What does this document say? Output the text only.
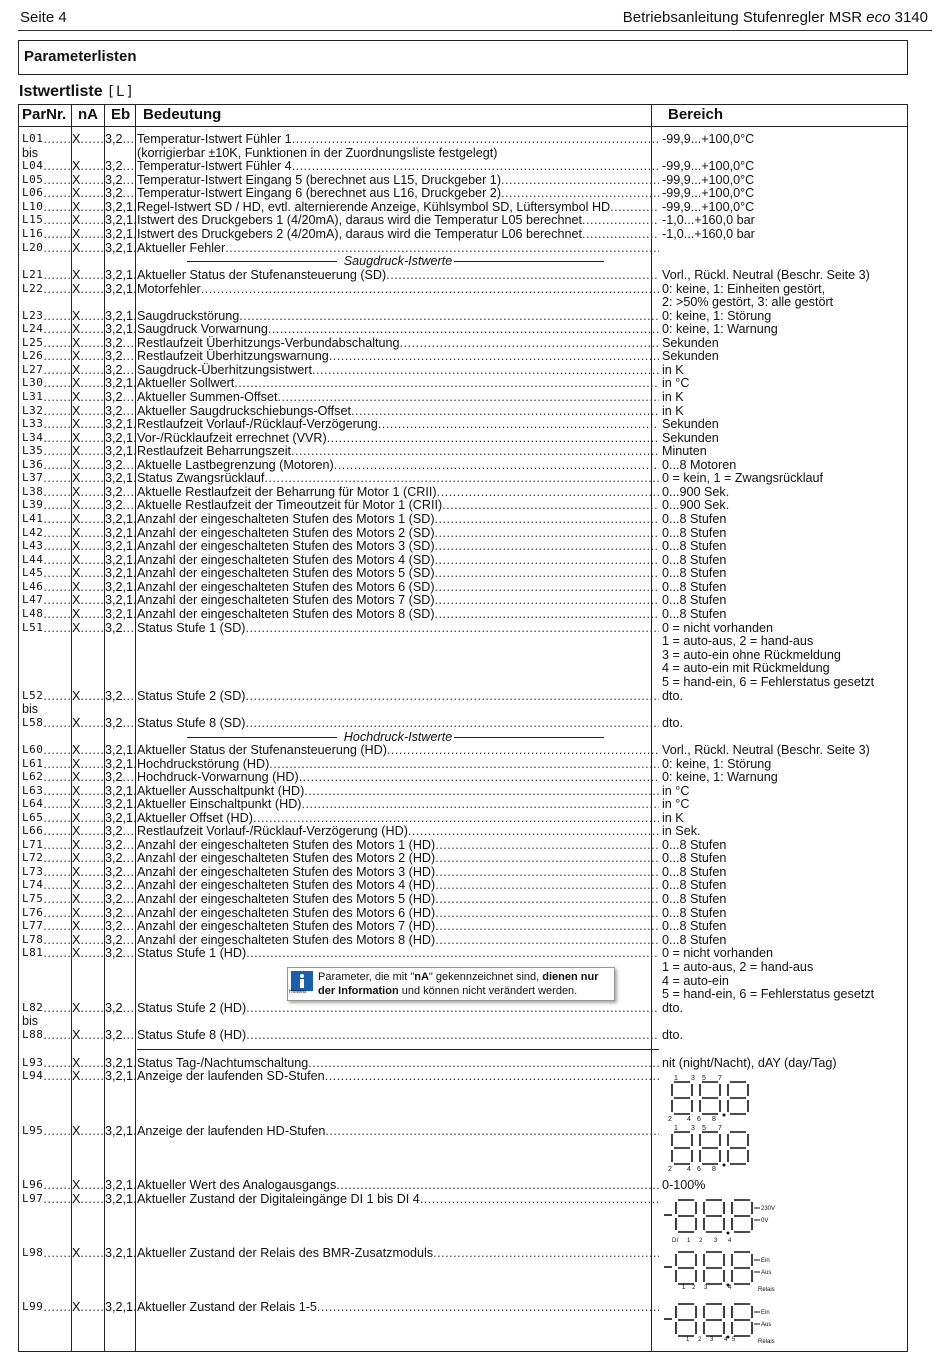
Seite 4	Betriebsanleitung Stufenregler MSR eco 3140
Parameterlisten
Istwertliste [L]
ParNr. nA Eb Bedeutung	Bereich
Saugdruck-Istwerte
Hochdruck-Istwerte
L01 ..... X ..... 3,2 ..... Temperatur-Istwert Fühler 1 .....	-99,9...+100,0°C
bis	(korrigierbar ±10K, Funktionen in der Zuordnungsliste festgelegt)
L04 ..... X ..... 3,2 ..... Temperatur-Istwert Fühler 4 .....	-99,9...+100,0°C
L05 ..... X ..... 3,2 ..... Temperatur-Istwert Eingang 5 (berechnet aus L15, Druckgeber 1) .....	-99,9...+100,0°C
L06 ..... X ..... 3,2 ..... Temperatur-Istwert Eingang 6 (berechnet aus L16, Druckgeber 2) .....	-99,9...+100,0°C
L10 ..... X ..... 3,2,1 ..... Regel-Istwert SD / HD, evtl. alternierende Anzeige, Kühlsymbol SD, Lüftersymbol HD .....	-99,9...+100,0°C
L15 ..... X ..... 3,2,1 ..... Istwert des Druckgebers 1 (4/20mA), daraus wird die Temperatur L05 berechnet .....	-1,0...+160,0 bar
L16 ..... X ..... 3,2,1 ..... Istwert des Druckgebers 2 (4/20mA), daraus wird die Temperatur L06 berechnet .....	-1,0...+160,0 bar
L20 ..... X ..... 3,2,1 ..... Aktueller Fehler
.....
L21 ..... X ..... 3,2,1 ..... Aktueller Status der Stufenansteuerung (SD) .....	Vorl., Rückl. Neutral (Beschr. Seite 3)
L22 ..... X ..... 3,2,1 ..... Motorfehler .....	0: keine, 1: Einheiten gestört,
2: >50% gestört, 3: alle gestört
L23 ..... X ..... 3,2,1 ..... Saugdruckstörung .....	0: keine, 1: Störung
L24 ..... X ..... 3,2,1 ..... Saugdruck Vorwarnung .....	0: keine, 1: Warnung
L25 ..... X ..... 3,2 ..... Restlaufzeit Überhitzungs-Verbundabschaltung .....	Sekunden
L26 ..... X ..... 3,2 ..... Restlaufzeit Überhitzungswarnung .....	Sekunden
L27 ..... X ..... 3,2 ..... Saugdruck-Überhitzungsistwert .....	in K
L30 ..... X ..... 3,2,1 ..... Aktueller Sollwert .....	in °C
L31 ..... X ..... 3,2 ..... Aktueller Summen-Offset .....	in K
L32 ..... X ..... 3,2 ..... Aktueller Saugdruckschiebungs-Offset .....	in K
L33 ..... X ..... 3,2,1 ..... Restlaufzeit Vorlauf-/Rücklauf-Verzögerung .....	Sekunden
L34 ..... X ..... 3,2,1 ..... Vor-/Rücklaufzeit errechnet (VVR) .....	Sekunden
L35 ..... X ..... 3,2,1 ..... Restlaufzeit Beharrungszeit .....	Minuten
L36 ..... X ..... 3,2 ..... Aktuelle Lastbegrenzung (Motoren) .....	0...8 Motoren
L37 ..... X ..... 3,2,1 ..... Status Zwangsrücklauf .....	0 = kein, 1 = Zwangsrücklauf
L38 ..... X ..... 3,2 ..... Aktuelle Restlaufzeit der Beharrung für Motor 1 (CRII) .....	0...900 Sek.
L39 ..... X ..... 3,2 ..... Aktuelle Restlaufzeit der Timeoutzeit für Motor 1 (CRII) .....	0...900 Sek.
L41 ..... X ..... 3,2,1 ..... Anzahl der eingeschalteten Stufen des Motors 1 (SD) .....	0...8 Stufen
L42 ..... X ..... 3,2,1 ..... Anzahl der eingeschalteten Stufen des Motors 2 (SD) .....	0...8 Stufen
L43 ..... X ..... 3,2,1 ..... Anzahl der eingeschalteten Stufen des Motors 3 (SD) .....	0...8 Stufen
L44 ..... X ..... 3,2,1 ..... Anzahl der eingeschalteten Stufen des Motors 4 (SD) .....	0...8 Stufen
L45 ..... X ..... 3,2,1 ..... Anzahl der eingeschalteten Stufen des Motors 5 (SD) .....	0...8 Stufen
L46 ..... X ..... 3,2,1 ..... Anzahl der eingeschalteten Stufen des Motors 6 (SD) .....	0...8 Stufen
L47 ..... X ..... 3,2,1 ..... Anzahl der eingeschalteten Stufen des Motors 7 (SD) .....	0...8 Stufen
L48 ..... X ..... 3,2,1 ..... Anzahl der eingeschalteten Stufen des Motors 8 (SD) .....	0...8 Stufen
L51 ..... X ..... 3,2 ..... Status Stufe 1 (SD) .....	0 = nicht vorhanden
1 = auto-aus, 2 = hand-aus
3 = auto-ein ohne Rückmeldung
4 = auto-ein mit Rückmeldung
5 = hand-ein, 6 = Fehlerstatus gesetzt
L52 ..... X ..... 3,2 ..... Status Stufe 2 (SD) .....	dto.
bis
L58 ..... X ..... 3,2 ..... Status Stufe 8 (SD) .....	dto.
L60 ..... X ..... 3,2,1 ..... Aktueller Status der Stufenansteuerung (HD) .....	Vorl., Rückl. Neutral (Beschr. Seite 3)
L61 ..... X ..... 3,2,1 ..... Hochdruckstörung (HD) .....	0: keine, 1: Störung
L62 ..... X ..... 3,2 ..... Hochdruck-Vorwarnung (HD) .....	0: keine, 1: Warnung
L63 ..... X ..... 3,2,1 ..... Aktueller Ausschaltpunkt (HD) .....	in °C
L64 ..... X ..... 3,2,1 ..... Aktueller Einschaltpunkt (HD) .....	in °C
L65 ..... X ..... 3,2,1 ..... Aktueller Offset (HD) .....	in K
L66 ..... X ..... 3,2 ..... Restlaufzeit Vorlauf-/Rücklauf-Verzögerung (HD) .....	in Sek.
L71 ..... X ..... 3,2 ..... Anzahl der eingeschalteten Stufen des Motors 1 (HD) .....	0...8 Stufen
L72 ..... X ..... 3,2 ..... Anzahl der eingeschalteten Stufen des Motors 2 (HD) .....	0...8 Stufen
L73 ..... X ..... 3,2 ..... Anzahl der eingeschalteten Stufen des Motors 3 (HD) .....	0...8 Stufen
L74 ..... X ..... 3,2 ..... Anzahl der eingeschalteten Stufen des Motors 4 (HD) .....	0...8 Stufen
L75 ..... X ..... 3,2 ..... Anzahl der eingeschalteten Stufen des Motors 5 (HD) .....	0...8 Stufen
L76 ..... X ..... 3,2 ..... Anzahl der eingeschalteten Stufen des Motors 6 (HD) .....	0...8 Stufen
L77 ..... X ..... 3,2 ..... Anzahl der eingeschalteten Stufen des Motors 7 (HD) .....	0...8 Stufen
L78 ..... X ..... 3,2 ..... Anzahl der eingeschalteten Stufen des Motors 8 (HD) .....	0...8 Stufen
L81 ..... X ..... 3,2 ..... Status Stufe 1 (HD) .....	0 = nicht vorhanden
1 = auto-aus, 2 = hand-aus
4 = auto-ein
5 = hand-ein, 6 = Fehlerstatus gesetzt
L82 ..... X ..... 3,2 ..... Status Stufe 2 (HD) .....	dto.
bis
L88 ..... X ..... 3,2 ..... Status Stufe 8 (HD) .....	dto.
L93 ..... X ..... 3,2,1 ..... Status Tag-/Nachtumschaltung .....	nit (night/Nacht), dAY (day/Tag)
L94 ..... X ..... 3,2,1 ..... Anzeige der laufenden SD-Stufen
.....
L95 ..... X ..... 3,2,1 ..... Anzeige der laufenden HD-Stufen
.....
L96 ..... X ..... 3,2,1 ..... Aktueller Wert des Analogausgangs .....	0-100%
L97 ..... X ..... 3,2,1 ..... Aktueller Zustand der Digitaleingänge DI 1 bis DI 4
.....
L98 ..... X ..... 3,2,1 ..... Aktueller Zustand der Relais des BMR-Zusatzmoduls
.....
L99 ..... X ..... 3,2,1 ..... Aktueller Zustand der Relais 1-5
.....
Hinweis
Parameter, die mit "nA" gekennzeichnet sind, dienen nur der Information und können nicht verändert werden.
1 3 5 7
2 4 6 8
1 3 5 7
2 4 6 8
230V
0V
DI 1 2 3 4
Ein
Aus
1 2 3	4	Relais
Ein
Aus
1 2 3 4 5	Relais
